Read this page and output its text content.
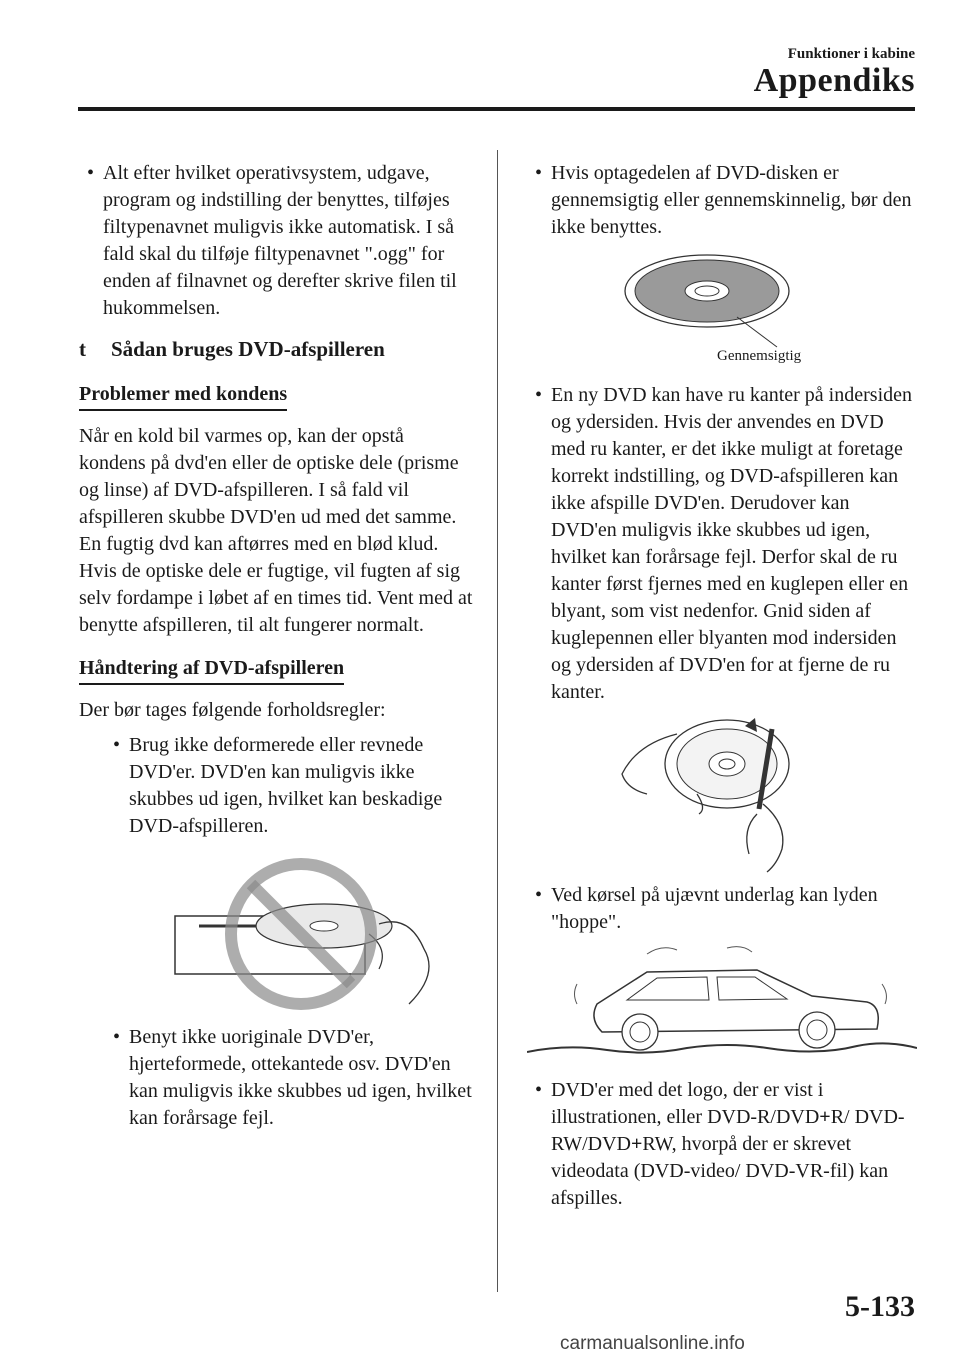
Funktioner i kabine
Appendiks
• Alt efter hvilket operativsystem, udgave, program og indstilling der benyttes, tilføjes filtypenavnet muligvis ikke automatisk. I så fald skal du tilføje filtypenavnet ".ogg" for enden af filnavnet og derefter skrive filen til hukommelsen.
t Sådan bruges DVD-afspilleren
Problemer med kondens

Når en kold bil varmes op, kan der opstå kondens på dvd'en eller de optiske dele (prisme og linse) af DVD-afspilleren. I så fald vil afspilleren skubbe DVD'en ud med det samme. En fugtig dvd kan aftørres med en blød klud. Hvis de optiske dele er fugtige, vil fugten af sig selv fordampe i løbet af en times tid. Vent med at benytte afspilleren, til alt fungerer normalt.

Håndtering af DVD-afspilleren

Der bør tages følgende forholdsregler:

• Brug ikke deformerede eller revnede DVD'er. DVD'en kan muligvis ikke skubbes ud igen, hvilket kan beskadige DVD-afspilleren.
• Benyt ikke uoriginale DVD'er, hjerteformede, ottekantede osv. DVD'en kan muligvis ikke skubbes ud igen, hvilket kan forårsage fejl.
• Hvis optagedelen af DVD-disken er gennemsigtig eller gennemskinnelig, bør den ikke benyttes.
Gennemsigtig
• En ny DVD kan have ru kanter på indersiden og ydersiden. Hvis der anvendes en DVD med ru kanter, er det ikke muligt at foretage korrekt indstilling, og DVD-afspilleren kan ikke afspille DVD'en. Derudover kan DVD'en muligvis ikke skubbes ud igen, hvilket kan forårsage fejl. Derfor skal de ru kanter først fjernes med en kuglepen eller en blyant, som vist nedenfor. Gnid siden af kuglepennen eller blyanten mod indersiden og ydersiden af DVD'en for at fjerne de ru kanter.
• Ved kørsel på ujævnt underlag kan lyden "hoppe".
• DVD'er med det logo, der er vist i illustrationen, eller DVD-R/DVD+R/ DVD-RW/DVD+RW, hvorpå der er skrevet videodata (DVD-video/ DVD-VR-fil) kan afspilles.
5-133
carmanualsonline.info
